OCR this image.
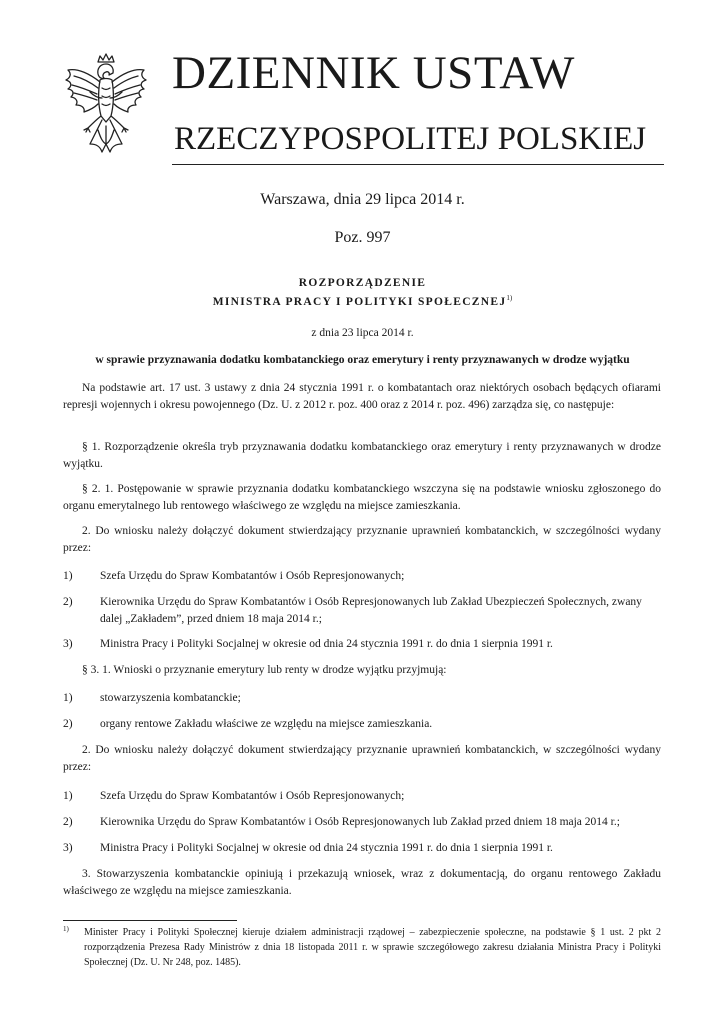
DZIENNIK USTAW
RZECZYPOSPOLITEJ POLSKIEJ
Warszawa, dnia 29 lipca 2014 r.
Poz. 997
ROZPORZĄDZENIE
MINISTRA PRACY I POLITYKI SPOŁECZNEJ$^{1)}$
z dnia 23 lipca 2014 r.
w sprawie przyznawania dodatku kombatanckiego oraz emerytury i renty przyznawanych w drodze wyjątku
Na podstawie art. 17 ust. 3 ustawy z dnia 24 stycznia 1991 r. o kombatantach oraz niektórych osobach będących ofiarami represji wojennych i okresu powojennego (Dz. U. z 2012 r. poz. 400 oraz z 2014 r. poz. 496) zarządza się, co następuje:
§ 1. Rozporządzenie określa tryb przyznawania dodatku kombatanckiego oraz emerytury i renty przyznawanych w drodze wyjątku.
§ 2. 1. Postępowanie w sprawie przyznania dodatku kombatanckiego wszczyna się na podstawie wniosku zgłoszonego do organu emerytalnego lub rentowego właściwego ze względu na miejsce zamieszkania.
2. Do wniosku należy dołączyć dokument stwierdzający przyznanie uprawnień kombatanckich, w szczególności wydany przez:
1) Szefa Urzędu do Spraw Kombatantów i Osób Represjonowanych;
2) Kierownika Urzędu do Spraw Kombatantów i Osób Represjonowanych lub Zakład Ubezpieczeń Społecznych, zwany dalej „Zakładem”, przed dniem 18 maja 2014 r.;
3) Ministra Pracy i Polityki Socjalnej w okresie od dnia 24 stycznia 1991 r. do dnia 1 sierpnia 1991 r.
§ 3. 1. Wnioski o przyznanie emerytury lub renty w drodze wyjątku przyjmują:
1) stowarzyszenia kombatanckie;
2) organy rentowe Zakładu właściwe ze względu na miejsce zamieszkania.
2. Do wniosku należy dołączyć dokument stwierdzający przyznanie uprawnień kombatanckich, w szczególności wydany przez:
1) Szefa Urzędu do Spraw Kombatantów i Osób Represjonowanych;
2) Kierownika Urzędu do Spraw Kombatantów i Osób Represjonowanych lub Zakład przed dniem 18 maja 2014 r.;
3) Ministra Pracy i Polityki Socjalnej w okresie od dnia 24 stycznia 1991 r. do dnia 1 sierpnia 1991 r.
3. Stowarzyszenia kombatanckie opiniują i przekazują wniosek, wraz z dokumentacją, do organu rentowego Zakładu właściwego ze względu na miejsce zamieszkania.
1) Minister Pracy i Polityki Społecznej kieruje działem administracji rządowej – zabezpieczenie społeczne, na podstawie § 1 ust. 2 pkt 2 rozporządzenia Prezesa Rady Ministrów z dnia 18 listopada 2011 r. w sprawie szczegółowego zakresu działania Ministra Pracy i Polityki Społecznej (Dz. U. Nr 248, poz. 1485).
